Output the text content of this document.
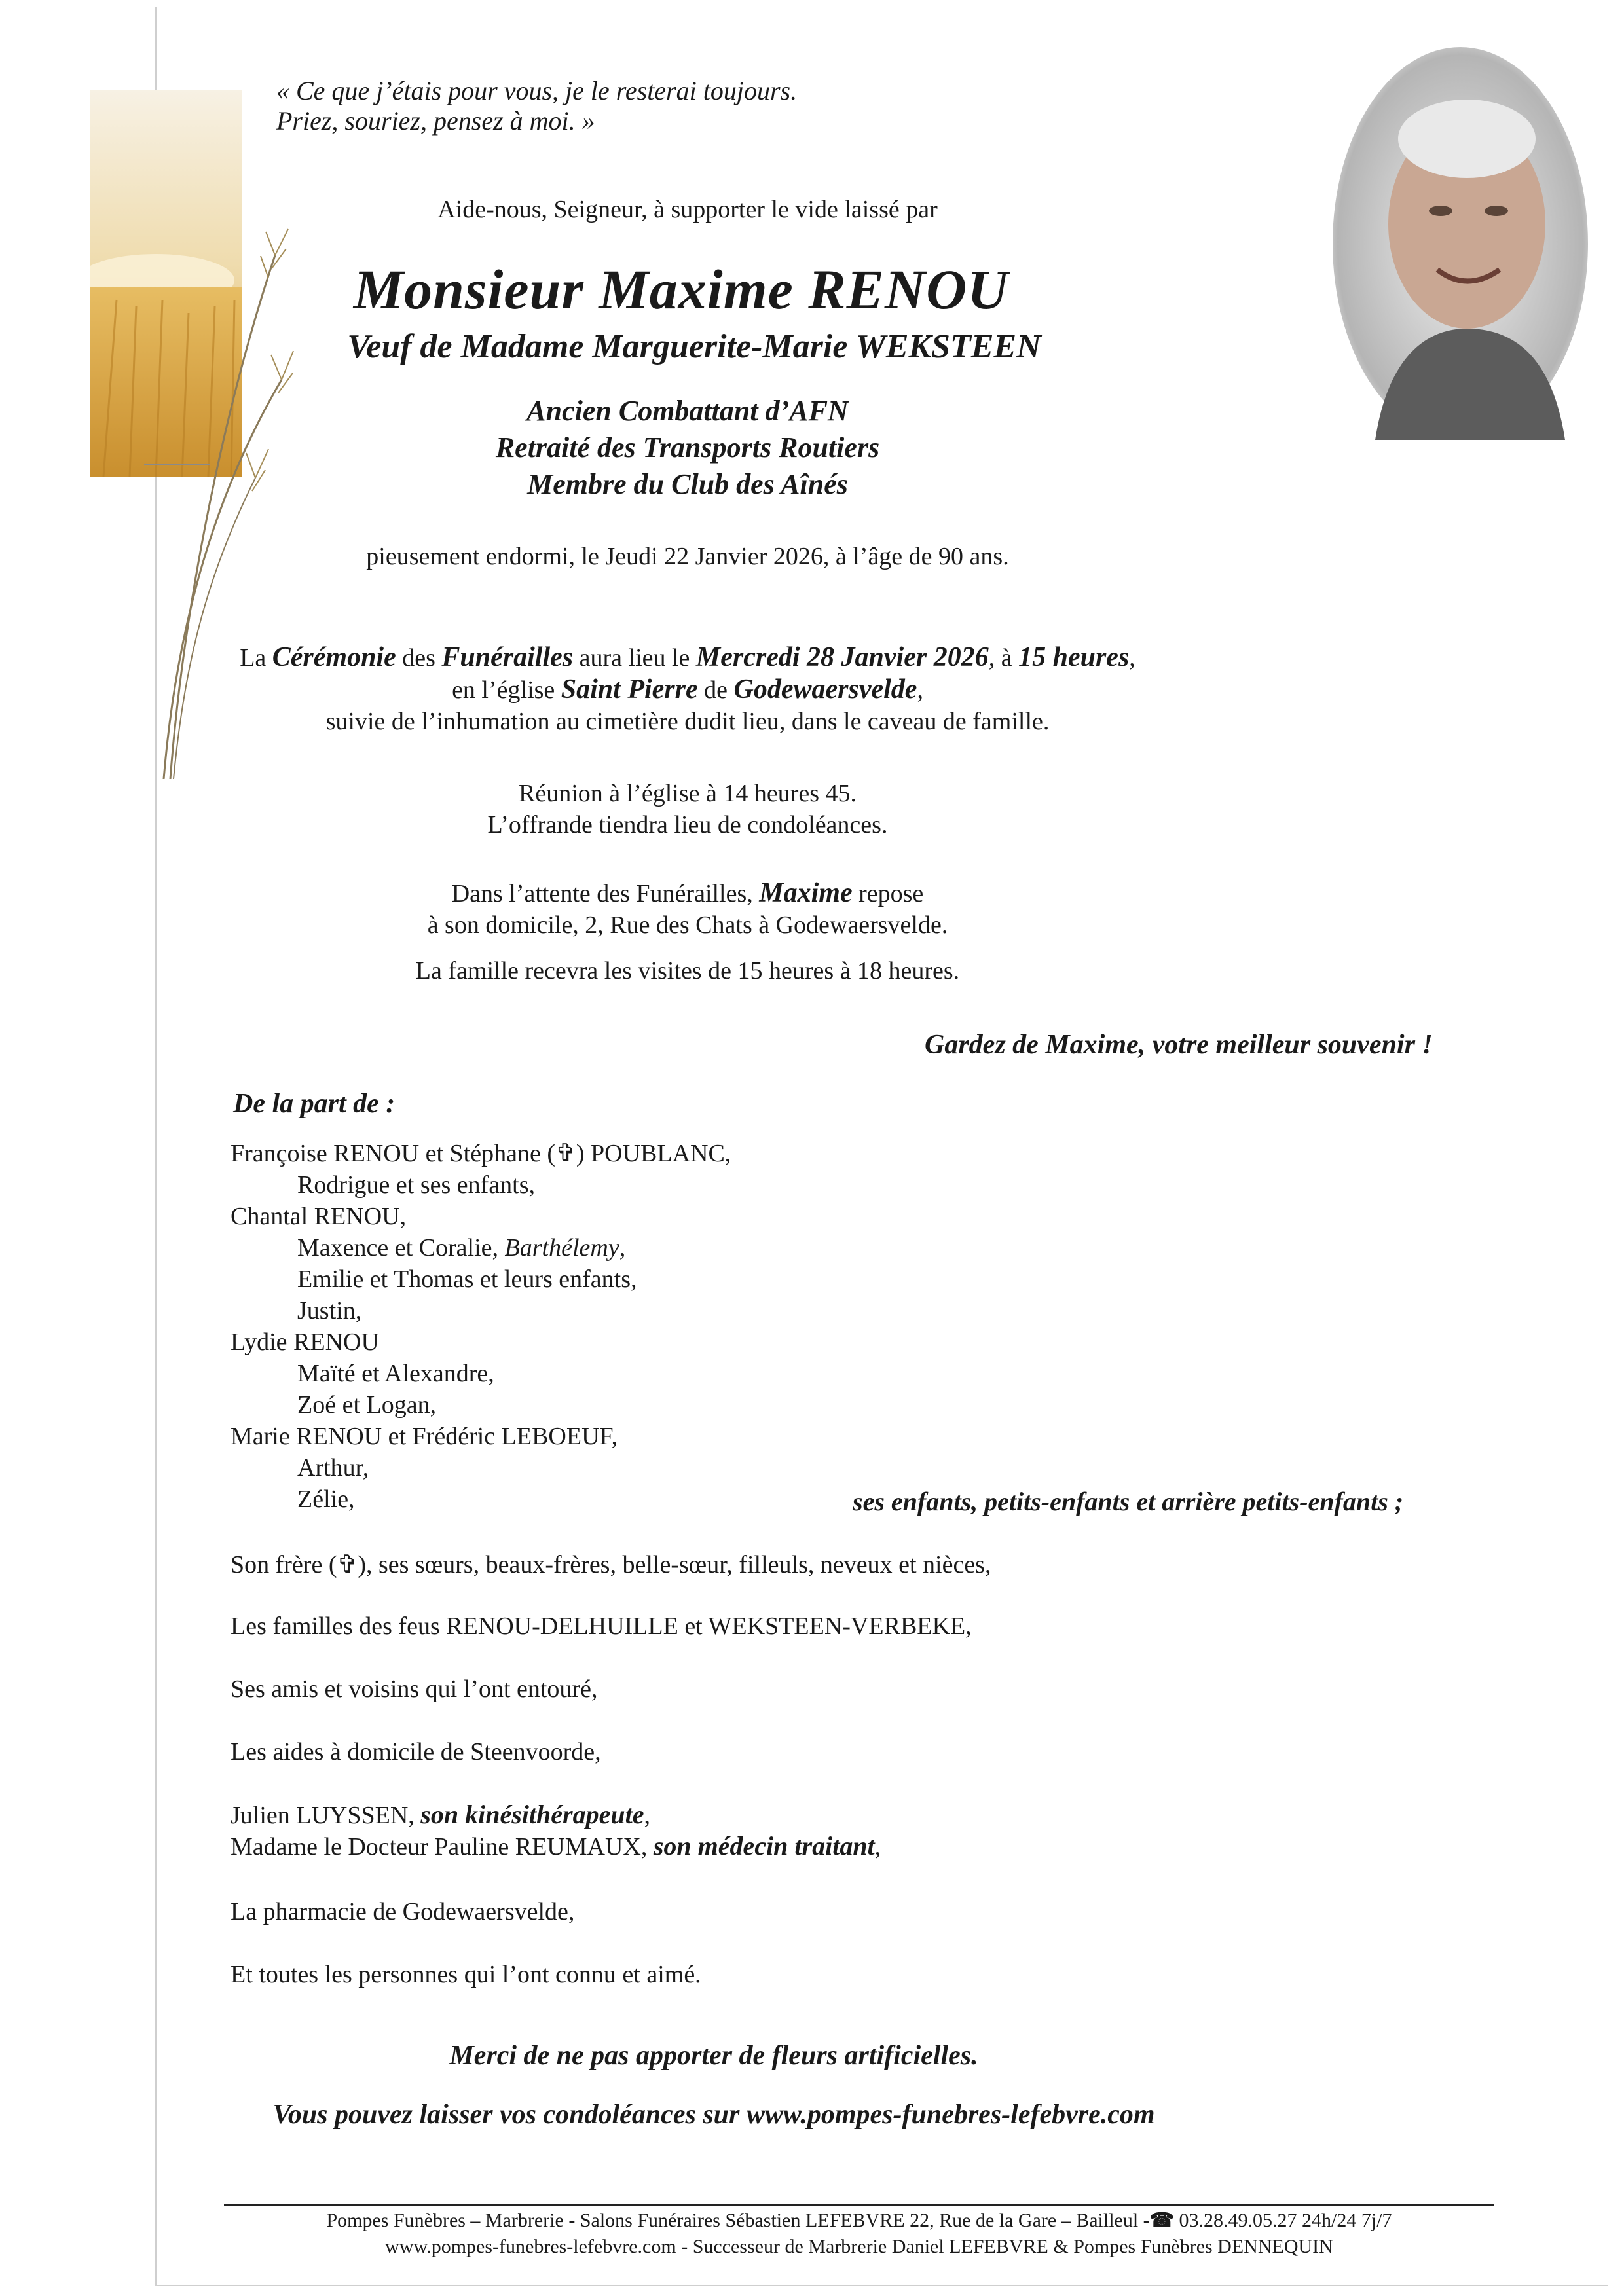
« Ce que j’étais pour vous, je le resterai toujours.
Priez, souriez, pensez à moi. »
Aide-nous, Seigneur, à supporter le vide laissé par
Monsieur Maxime RENOU
Veuf de Madame Marguerite-Marie WEKSTEEN
Ancien Combattant d’AFN
Retraité des Transports Routiers
Membre du Club des Aînés
pieusement endormi, le Jeudi 22 Janvier 2026, à l’âge de 90 ans.
La Cérémonie des Funérailles aura lieu le Mercredi 28 Janvier 2026, à 15 heures,
en l’église Saint Pierre de Godewaersvelde,
suivie de l’inhumation au cimetière dudit lieu, dans le caveau de famille.
Réunion à l’église à 14 heures 45.
L’offrande tiendra lieu de condoléances.
Dans l’attente des Funérailles, Maxime repose
à son domicile, 2, Rue des Chats à Godewaersvelde.
La famille recevra les visites de 15 heures à 18 heures.
Gardez de Maxime, votre meilleur souvenir !
De la part de :
Françoise RENOU et Stéphane (✞) POUBLANC,
Rodrigue et ses enfants,
Chantal RENOU,
Maxence et Coralie, Barthélemy,
Emilie et Thomas et leurs enfants,
Justin,
Lydie RENOU
Maïté et Alexandre,
Zoé et Logan,
Marie RENOU et Frédéric LEBOEUF,
Arthur,
Zélie,	ses enfants, petits-enfants et arrière petits-enfants ;
Son frère (✞), ses sœurs, beaux-frères, belle-sœur, filleuls, neveux et nièces,
Les familles des feus RENOU-DELHUILLE et WEKSTEEN-VERBEKE,
Ses amis et voisins qui l’ont entouré,
Les aides à domicile de Steenvoorde,
Julien LUYSSEN, son kinésithérapeute,
Madame le Docteur Pauline REUMAUX, son médecin traitant,
La pharmacie de Godewaersvelde,
Et toutes les personnes qui l’ont connu et aimé.
Merci de ne pas apporter de fleurs artificielles.
Vous pouvez laisser vos condoléances sur www.pompes-funebres-lefebvre.com
Pompes Funèbres – Marbrerie - Salons Funéraires Sébastien LEFEBVRE 22, Rue de la Gare – Bailleul -☎ 03.28.49.05.27 24h/24 7j/7
www.pompes-funebres-lefebvre.com - Successeur de Marbrerie Daniel LEFEBVRE & Pompes Funèbres DENNEQUIN
